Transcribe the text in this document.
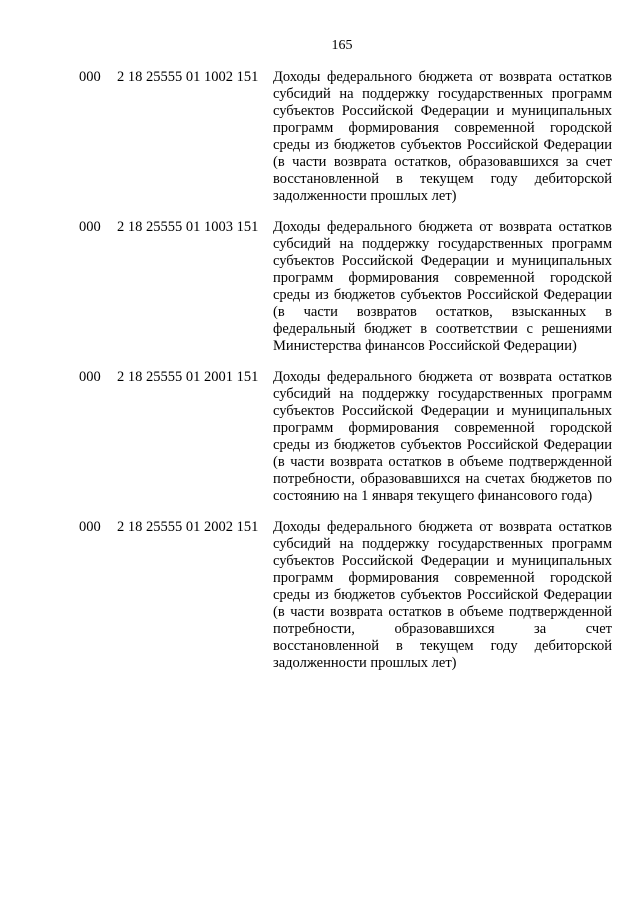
165
000 2 18 25555 01 1002 151 Доходы федерального бюджета от возврата остатков субсидий на поддержку государственных программ субъектов Российской Федерации и муниципальных программ формирования современной городской среды из бюджетов субъектов Российской Федерации (в части возврата остатков, образовавшихся за счет восстановленной в текущем году дебиторской задолженности прошлых лет)
000 2 18 25555 01 1003 151 Доходы федерального бюджета от возврата остатков субсидий на поддержку государственных программ субъектов Российской Федерации и муниципальных программ формирования современной городской среды из бюджетов субъектов Российской Федерации (в части возвратов остатков, взысканных в федеральный бюджет в соответствии с решениями Министерства финансов Российской Федерации)
000 2 18 25555 01 2001 151 Доходы федерального бюджета от возврата остатков субсидий на поддержку государственных программ субъектов Российской Федерации и муниципальных программ формирования современной городской среды из бюджетов субъектов Российской Федерации (в части возврата остатков в объеме подтвержденной потребности, образовавшихся на счетах бюджетов по состоянию на 1 января текущего финансового года)
000 2 18 25555 01 2002 151 Доходы федерального бюджета от возврата остатков субсидий на поддержку государственных программ субъектов Российской Федерации и муниципальных программ формирования современной городской среды из бюджетов субъектов Российской Федерации (в части возврата остатков в объеме подтвержденной потребности, образовавшихся за счет восстановленной в текущем году дебиторской задолженности прошлых лет)
